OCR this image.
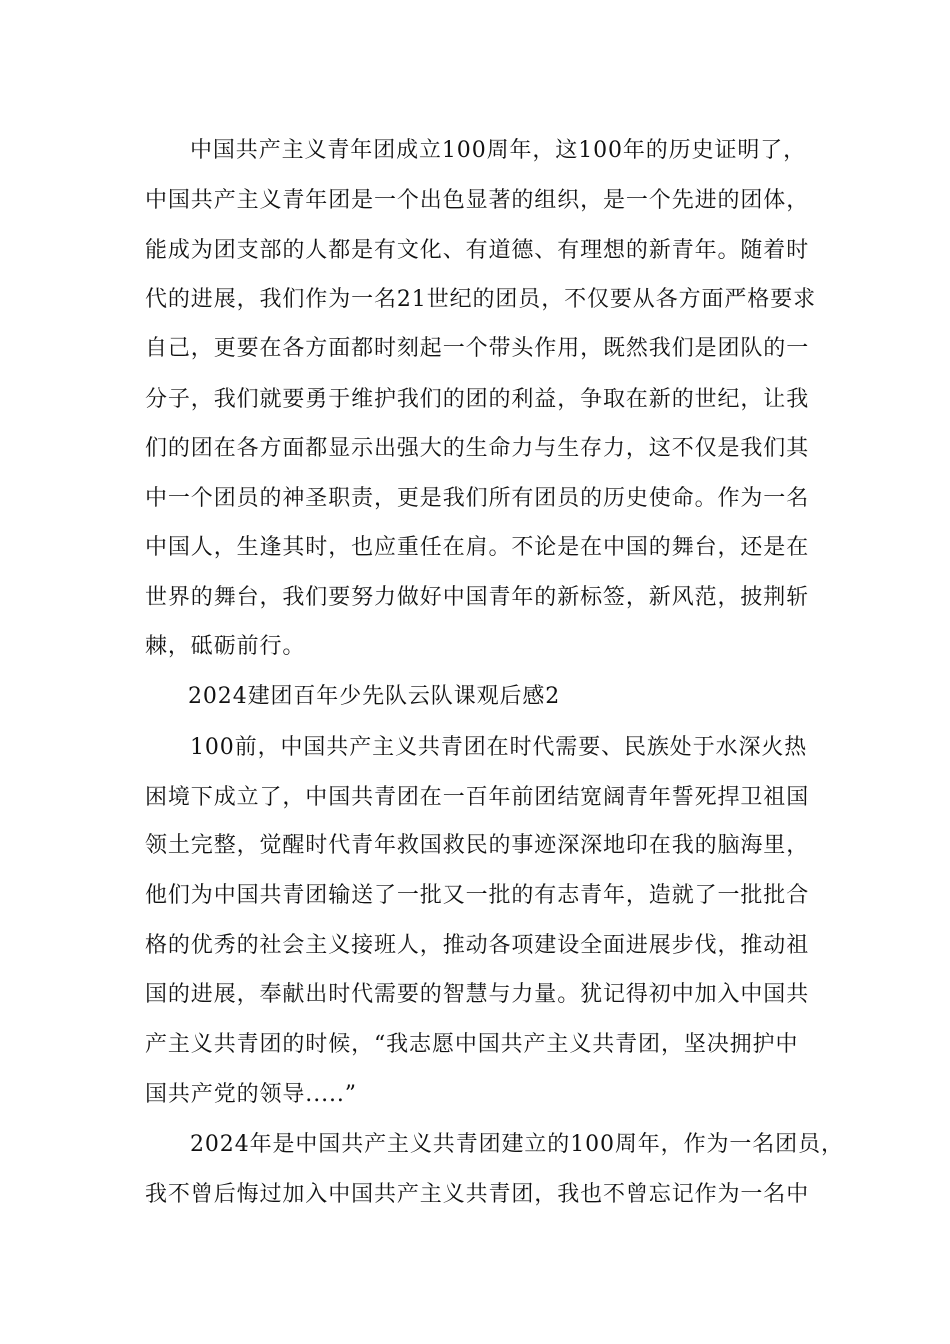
中国共产主义青年团成立100周年，这100年的历史证明了，
中国共产主义青年团是一个出色显著的组织，是一个先进的团体，
能成为团支部的人都是有文化、有道德、有理想的新青年。随着时
代的进展，我们作为一名21世纪的团员，不仅要从各方面严格要求
自己，更要在各方面都时刻起一个带头作用，既然我们是团队的一
分子，我们就要勇于维护我们的团的利益，争取在新的世纪，让我
们的团在各方面都显示出强大的生命力与生存力，这不仅是我们其
中一个团员的神圣职责，更是我们所有团员的历史使命。作为一名
中国人，生逢其时，也应重任在肩。不论是在中国的舞台，还是在
世界的舞台，我们要努力做好中国青年的新标签，新风范，披荆斩
棘，砥砺前行。
2024建团百年少先队云队课观后感2
100前，中国共产主义共青团在时代需要、民族处于水深火热
困境下成立了，中国共青团在一百年前团结宽阔青年誓死捍卫祖国
领土完整，觉醒时代青年救国救民的事迹深深地印在我的脑海里，
他们为中国共青团输送了一批又一批的有志青年，造就了一批批合
格的优秀的社会主义接班人，推动各项建设全面进展步伐，推动祖
国的进展，奉献出时代需要的智慧与力量。犹记得初中加入中国共
产主义共青团的时候，“我志愿中国共产主义共青团，坚决拥护中
国共产党的领导.....”
2024年是中国共产主义共青团建立的100周年，作为一名团员，
我不曾后悔过加入中国共产主义共青团，我也不曾忘记作为一名中
